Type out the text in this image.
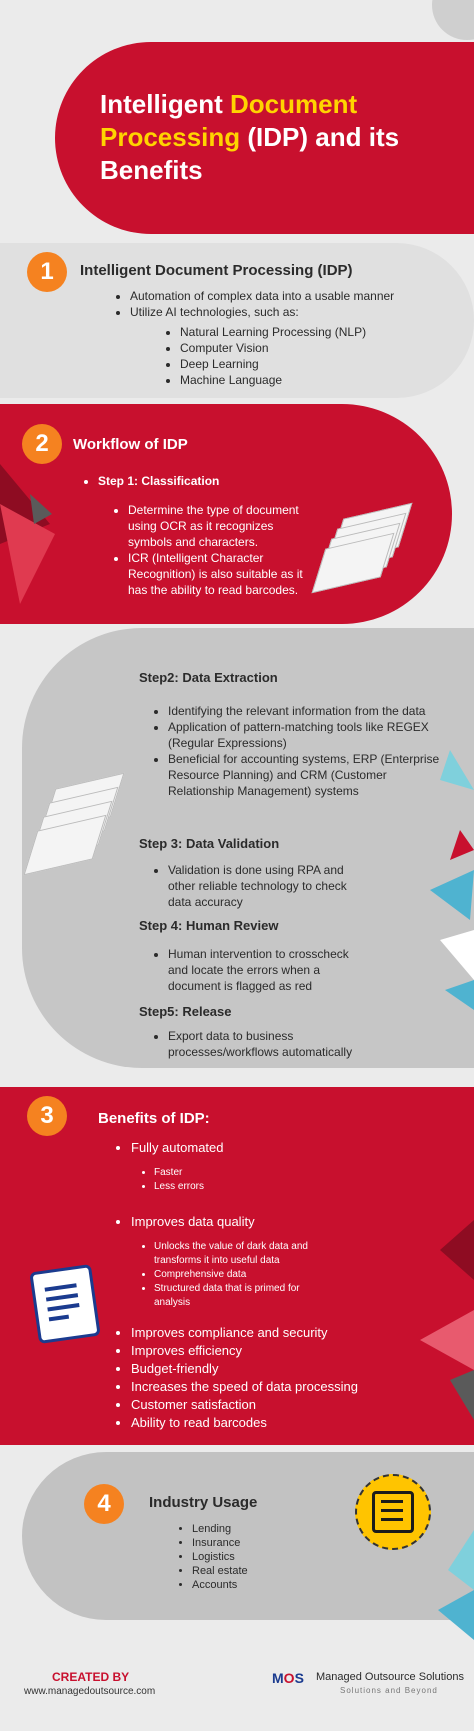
Intelligent Document
Processing (IDP) and its
Benefits
1	Intelligent Document Processing (IDP)
• Automation of complex data into a usable manner
• Utilize AI technologies, such as:
• Natural Learning Processing (NLP)
• Computer Vision
• Deep Learning
• Machine Language
2	Workflow of IDP
• Step 1: Classification
• Determine the type of document using OCR as it recognizes symbols and characters.
• ICR (Intelligent Character Recognition) is also suitable as it has the ability to read barcodes.
Step2: Data Extraction
• Identifying the relevant information from the data
• Application of pattern-matching tools like REGEX (Regular Expressions)
• Beneficial for accounting systems, ERP (Enterprise Resource Planning) and CRM (Customer Relationship Management) systems
Step 3: Data Validation
• Validation is done using RPA and other reliable technology to check data accuracy
Step 4: Human Review
• Human intervention to crosscheck and locate the errors when a document is flagged as red
Step5: Release
• Export data to business processes/workflows automatically
3	Benefits of IDP:
• Fully automated
• Faster
• Less errors
• Improves data quality
• Unlocks the value of dark data and transforms it into useful data
• Comprehensive data
• Structured data that is primed for analysis
• Improves compliance and security
• Improves efficiency
• Budget-friendly
• Increases the speed of data processing
• Customer satisfaction
• Ability to read barcodes
4	Industry Usage
• Lending
• Insurance
• Logistics
• Real estate
• Accounts
CREATED BY
www.managedoutsource.com
MOS Managed Outsource Solutions
Solutions and Beyond
